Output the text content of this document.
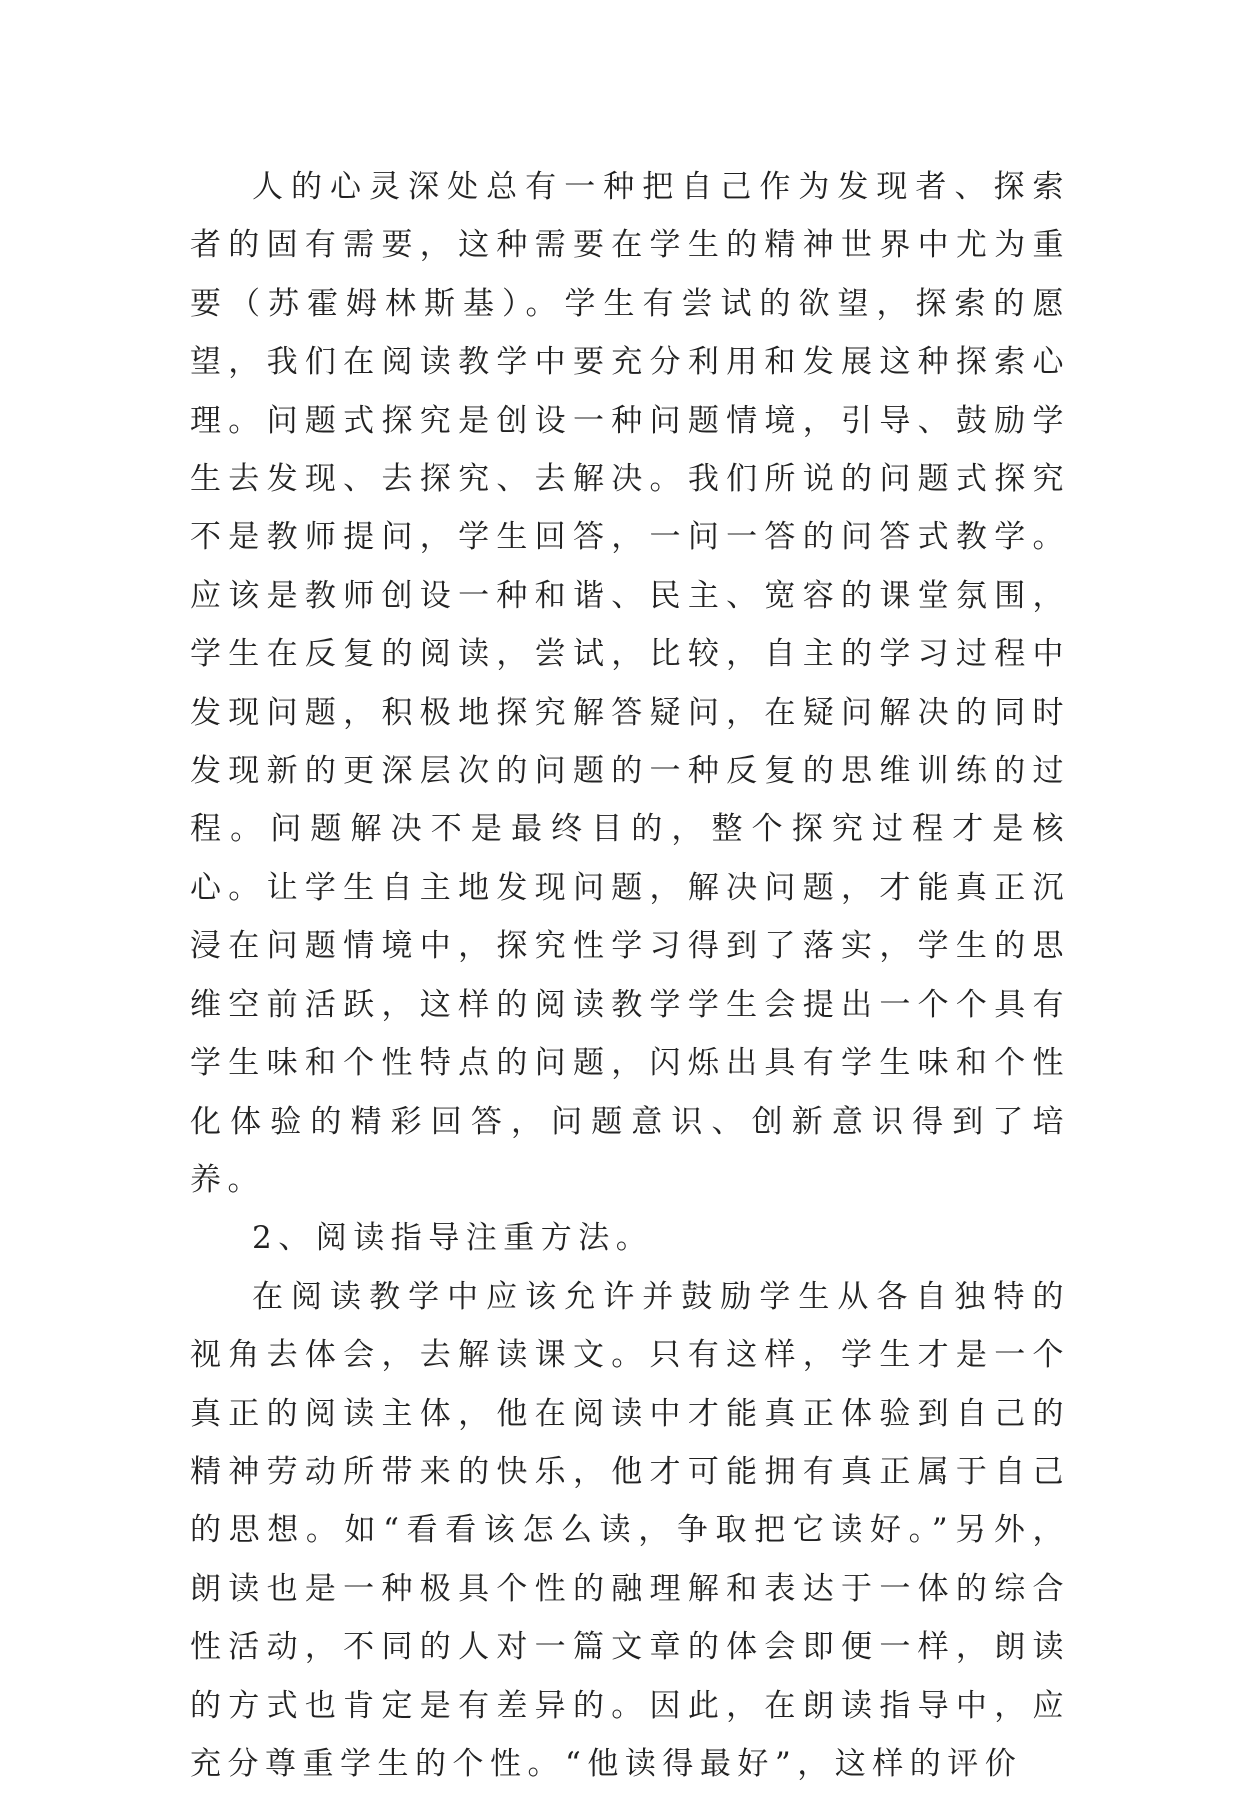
人的心灵深处总有一种把自己作为发现者、探索者的固有需要，这种需要在学生的精神世界中尤为重要（苏霍姆林斯基）。学生有尝试的欲望，探索的愿望，我们在阅读教学中要充分利用和发展这种探索心理。问题式探究是创设一种问题情境，引导、鼓励学生去发现、去探究、去解决。我们所说的问题式探究不是教师提问，学生回答，一问一答的问答式教学。应该是教师创设一种和谐、民主、宽容的课堂氛围，学生在反复的阅读，尝试，比较，自主的学习过程中发现问题，积极地探究解答疑问，在疑问解决的同时发现新的更深层次的问题的一种反复的思维训练的过程。问题解决不是最终目的，整个探究过程才是核心。让学生自主地发现问题，解决问题，才能真正沉浸在问题情境中，探究性学习得到了落实，学生的思维空前活跃，这样的阅读教学学生会提出一个个具有学生味和个性特点的问题，闪烁出具有学生味和个性化体验的精彩回答，问题意识、创新意识得到了培养。

2、阅读指导注重方法。

在阅读教学中应该允许并鼓励学生从各自独特的视角去体会，去解读课文。只有这样，学生才是一个真正的阅读主体，他在阅读中才能真正体验到自己的精神劳动所带来的快乐，他才可能拥有真正属于自己的思想。如“看看该怎么读，争取把它读好。”另外，朗读也是一种极具个性的融理解和表达于一体的综合性活动，不同的人对一篇文章的体会即便一样，朗读的方式也肯定是有差异的。因此，在朗读指导中，应充分尊重学生的个性。“他读得最好”，这样的评价
